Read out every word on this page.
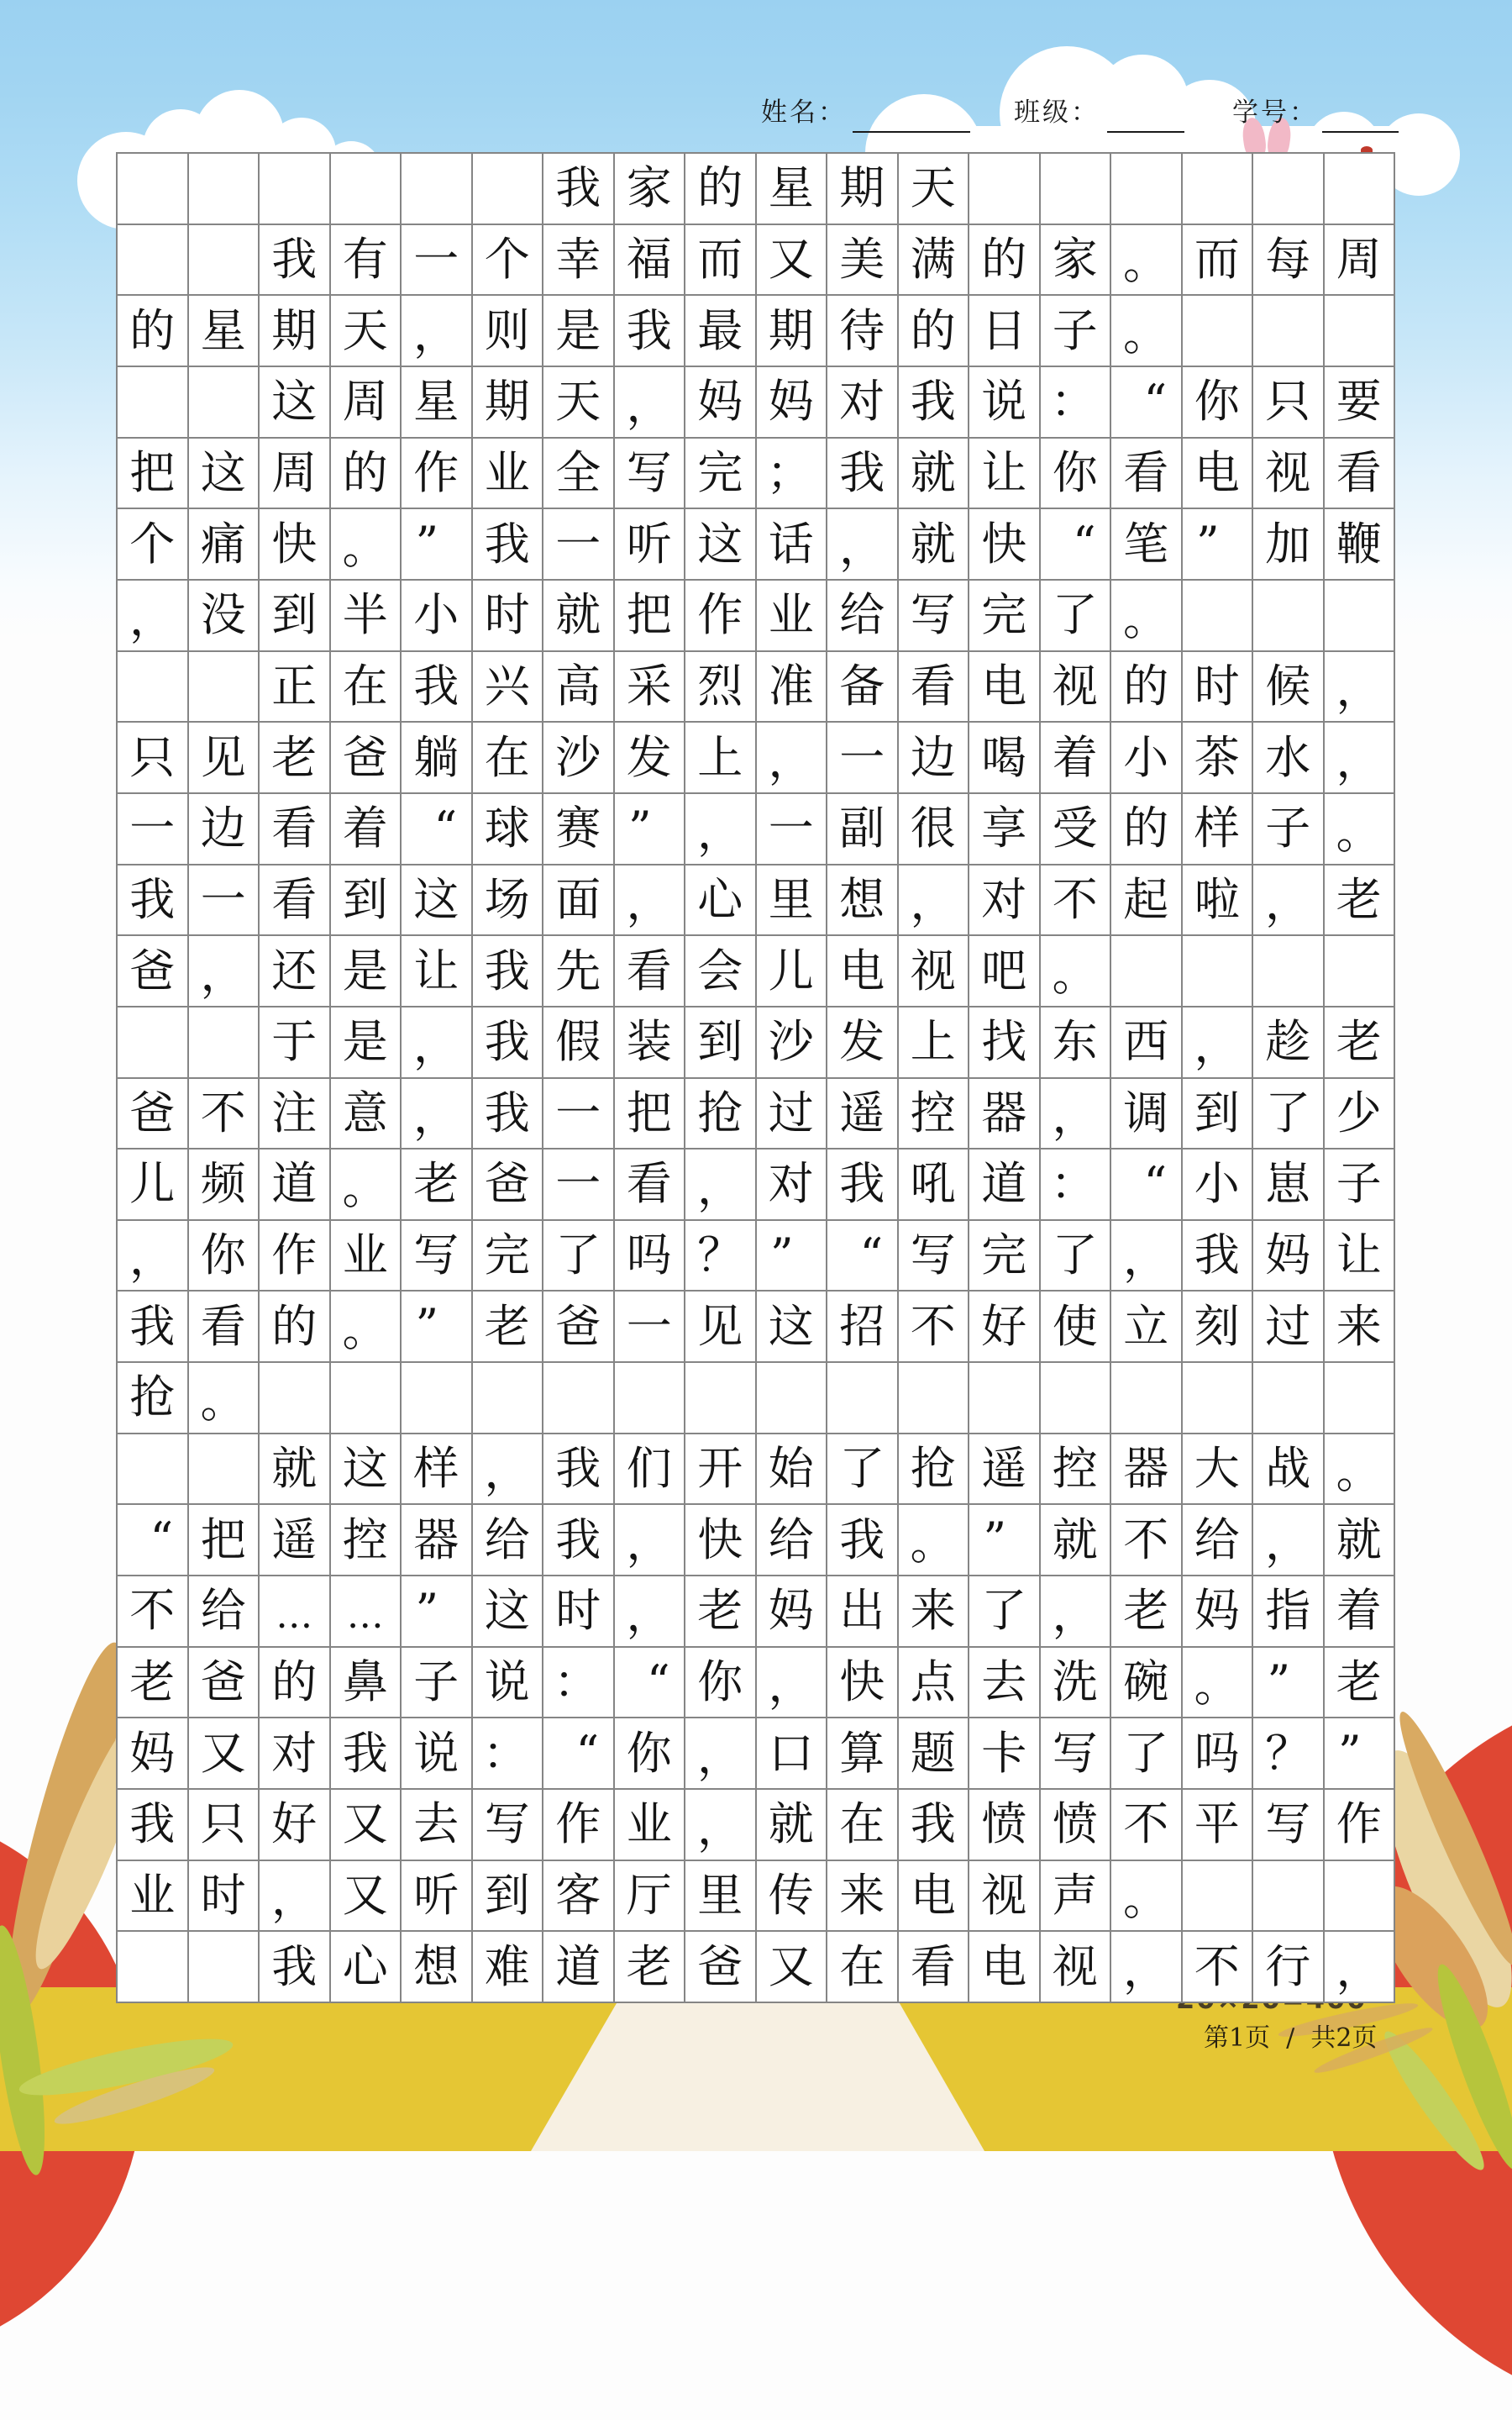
姓名：	班级：	学号：
第1页  /  共2页
我 家 的 星 期 天
我 有 一 个 幸 福 而 又 美 满 的 家 。 而 每 周
的 星 期 天 ， 则 是 我 最 期 待 的 日 子 。
这 周 星 期 天 ， 妈 妈 对 我 说 ：	“ 你 只 要
把 这 周 的 作 业 全 写 完 ； 我 就 让 你 看 电 视 看
个 痛 快 。 ”	我 一 听 这 话 ， 就 快	“ 笔 ”	加 鞭
， 没 到 半 小 时 就 把 作 业 给 写 完 了 。
正 在 我 兴 高 采 烈 准 备 看 电 视 的 时 候 ，
只 见 老 爸 躺 在 沙 发 上 ， 一 边 喝 着 小 茶 水 ，
一 边 看 着	“ 球 赛 ”	， 一 副 很 享 受 的 样 子 。
我 一 看 到 这 场 面 ， 心 里 想 ， 对 不 起 啦 ， 老
爸 ， 还 是 让 我 先 看 会 儿 电 视 吧 。
于 是 ， 我 假 装 到 沙 发 上 找 东 西 ， 趁 老
爸 不 注 意 ， 我 一 把 抢 过 遥 控 器 ， 调 到 了 少
儿 频 道 。 老 爸 一 看 ， 对 我 吼 道 ：	“ 小 崽 子
， 你 作 业 写 完 了 吗 ？ ”	“ 写 完 了 ， 我 妈 让
我 看 的 。 ”	老 爸 一 见 这 招 不 好 使 立 刻 过 来
抢 。
就 这 样 ， 我 们 开 始 了 抢 遥 控 器 大 战 。
“ 把 遥 控 器 给 我 ， 快 给 我 。 ”	就 不 给 ， 就
不 给 … … ”	这 时 ， 老 妈 出 来 了 ， 老 妈 指 着
老 爸 的 鼻 子 说 ：	“ 你 ， 快 点 去 洗 碗 。 ”	老
妈 又 对 我 说 ：	“ 你 ， 口 算 题 卡 写 了 吗 ？ ”
我 只 好 又 去 写 作 业 ， 就 在 我 愤 愤 不 平 写 作
业 时 ， 又 听 到 客 厅 里 传 来 电 视 声 。
我 心 想 难 道 老 爸 又 在 看 电 视 ， 不 行 ，
